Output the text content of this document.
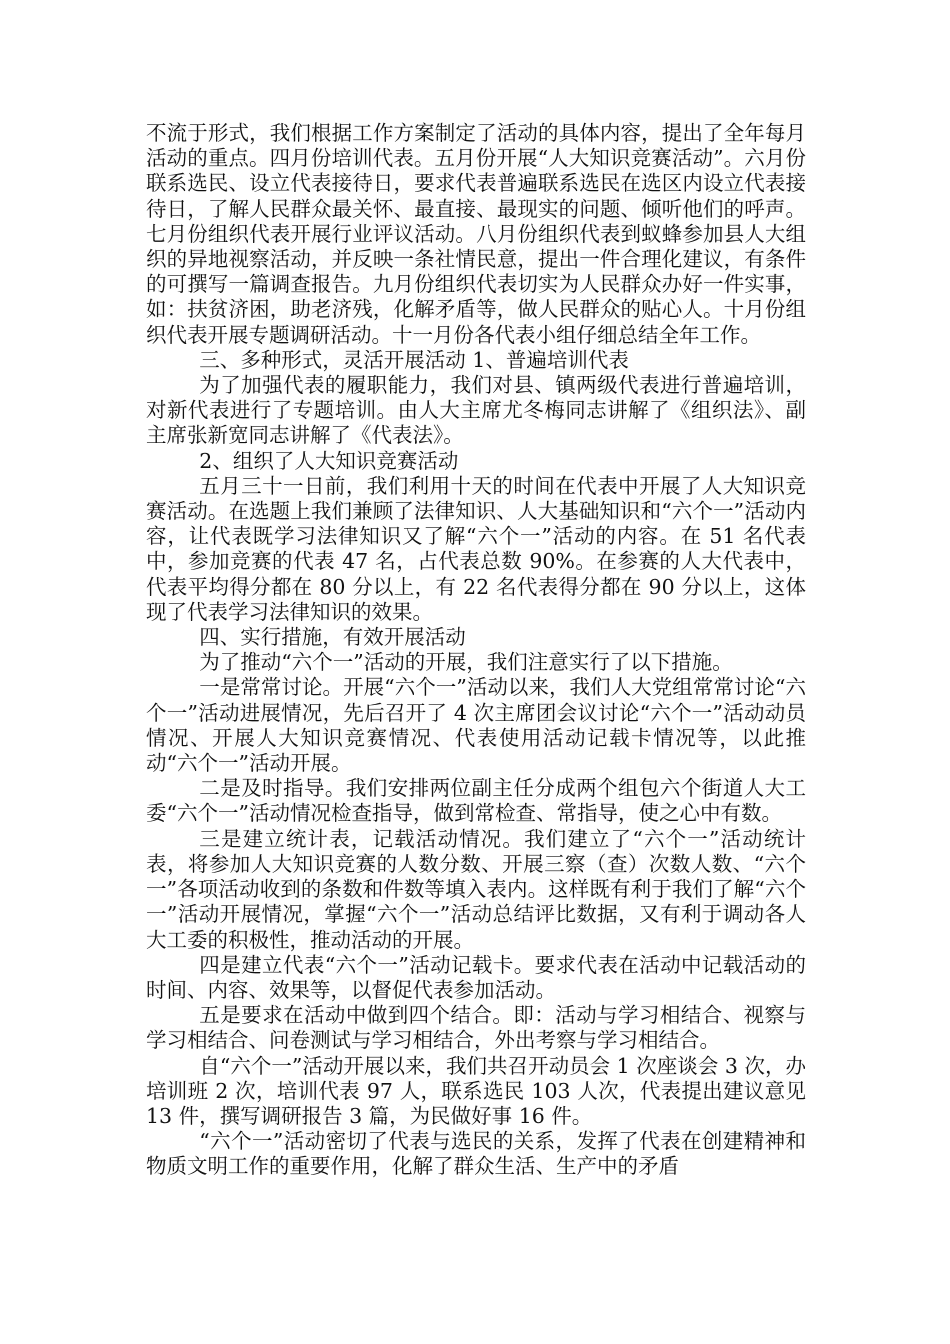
不流于形式，我们根据工作方案制定了活动的具体内容，提出了全年每月活动的重点。四月份培训代表。五月份开展“人大知识竞赛活动”。六月份联系选民、设立代表接待日，要求代表普遍联系选民在选区内设立代表接待日，了解人民群众最关怀、最直接、最现实的问题、倾听他们的呼声。七月份组织代表开展行业评议活动。八月份组织代表到蚁蜂参加县人大组织的异地视察活动，并反映一条社情民意，提出一件合理化建议，有条件的可撰写一篇调查报告。九月份组织代表切实为人民群众办好一件实事，如：扶贫济困，助老济残，化解矛盾等，做人民群众的贴心人。十月份组织代表开展专题调研活动。十一月份各代表小组仔细总结全年工作。

三、多种形式，灵活开展活动 1、普遍培训代表

为了加强代表的履职能力，我们对县、镇两级代表进行普遍培训，对新代表进行了专题培训。由人大主席尤冬梅同志讲解了《组织法》、副主席张新宽同志讲解了《代表法》。

2、组织了人大知识竞赛活动

五月三十一日前，我们利用十天的时间在代表中开展了人大知识竞赛活动。在选题上我们兼顾了法律知识、人大基础知识和“六个一”活动内容，让代表既学习法律知识又了解“六个一”活动的内容。在 51 名代表中，参加竞赛的代表 47 名，占代表总数 90%。在参赛的人大代表中，代表平均得分都在 80 分以上，有 22 名代表得分都在 90 分以上，这体现了代表学习法律知识的效果。

四、实行措施，有效开展活动

为了推动“六个一”活动的开展，我们注意实行了以下措施。

一是常常讨论。开展“六个一”活动以来，我们人大党组常常讨论“六个一”活动进展情况，先后召开了 4 次主席团会议讨论“六个一”活动动员情况、开展人大知识竞赛情况、代表使用活动记载卡情况等，以此推动“六个一”活动开展。

二是及时指导。我们安排两位副主任分成两个组包六个街道人大工委“六个一”活动情况检查指导，做到常检查、常指导，使之心中有数。

三是建立统计表，记载活动情况。我们建立了“六个一”活动统计表，将参加人大知识竞赛的人数分数、开展三察（查）次数人数、“六个一”各项活动收到的条数和件数等填入表内。这样既有利于我们了解“六个一”活动开展情况，掌握“六个一”活动总结评比数据，又有利于调动各人大工委的积极性，推动活动的开展。

四是建立代表“六个一”活动记载卡。要求代表在活动中记载活动的时间、内容、效果等，以督促代表参加活动。

五是要求在活动中做到四个结合。即：活动与学习相结合、视察与学习相结合、问卷测试与学习相结合，外出考察与学习相结合。

自“六个一”活动开展以来，我们共召开动员会 1 次座谈会 3 次，办培训班 2 次，培训代表 97 人，联系选民 103 人次，代表提出建议意见 13 件，撰写调研报告 3 篇，为民做好事 16 件。

“六个一”活动密切了代表与选民的关系，发挥了代表在创建精神和物质文明工作的重要作用，化解了群众生活、生产中的矛盾
